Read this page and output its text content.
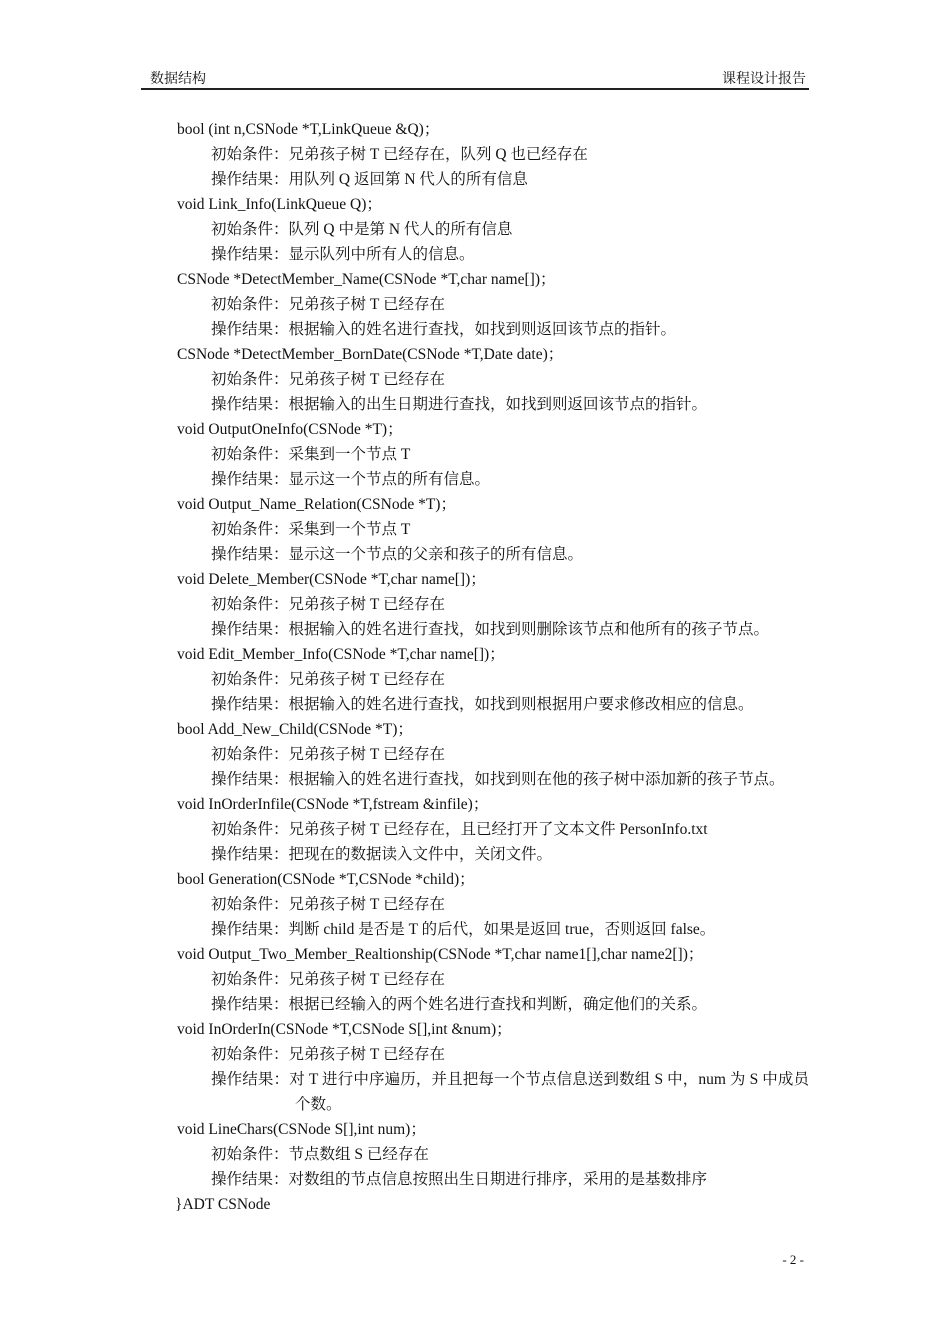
数据结构	课程设计报告
bool (int n,CSNode *T,LinkQueue &Q)；
初始条件：兄弟孩子树 T 已经存在，队列 Q 也已经存在
操作结果：用队列 Q 返回第 N 代人的所有信息
void Link_Info(LinkQueue Q)；
初始条件：队列 Q 中是第 N 代人的所有信息
操作结果：显示队列中所有人的信息。
CSNode *DetectMember_Name(CSNode *T,char name[])；
初始条件：兄弟孩子树 T 已经存在
操作结果：根据输入的姓名进行查找，如找到则返回该节点的指针。
CSNode *DetectMember_BornDate(CSNode *T,Date date)；
初始条件：兄弟孩子树 T 已经存在
操作结果：根据输入的出生日期进行查找，如找到则返回该节点的指针。
void OutputOneInfo(CSNode *T)；
初始条件：采集到一个节点 T
操作结果：显示这一个节点的所有信息。
void Output_Name_Relation(CSNode *T)；
初始条件：采集到一个节点 T
操作结果：显示这一个节点的父亲和孩子的所有信息。
void Delete_Member(CSNode *T,char name[])；
初始条件：兄弟孩子树 T 已经存在
操作结果：根据输入的姓名进行查找，如找到则删除该节点和他所有的孩子节点。
void Edit_Member_Info(CSNode *T,char name[])；
初始条件：兄弟孩子树 T 已经存在
操作结果：根据输入的姓名进行查找，如找到则根据用户要求修改相应的信息。
bool Add_New_Child(CSNode *T)；
初始条件：兄弟孩子树 T 已经存在
操作结果：根据输入的姓名进行查找，如找到则在他的孩子树中添加新的孩子节点。
void InOrderInfile(CSNode *T,fstream &infile)；
初始条件：兄弟孩子树 T 已经存在，且已经打开了文本文件 PersonInfo.txt
操作结果：把现在的数据读入文件中，关闭文件。
bool Generation(CSNode *T,CSNode *child)；
初始条件：兄弟孩子树 T 已经存在
操作结果：判断 child 是否是 T 的后代，如果是返回 true，否则返回 false。
void Output_Two_Member_Realtionship(CSNode *T,char name1[],char name2[])；
初始条件：兄弟孩子树 T 已经存在
操作结果：根据已经输入的两个姓名进行查找和判断，确定他们的关系。
void InOrderIn(CSNode *T,CSNode S[],int &num)；
初始条件：兄弟孩子树 T 已经存在
操作结果：对 T 进行中序遍历，并且把每一个节点信息送到数组 S 中，num 为 S 中成员个数。
void LineChars(CSNode S[],int num)；
初始条件：节点数组 S 已经存在
操作结果：对数组的节点信息按照出生日期进行排序，采用的是基数排序
}ADT CSNode
- 2 -
